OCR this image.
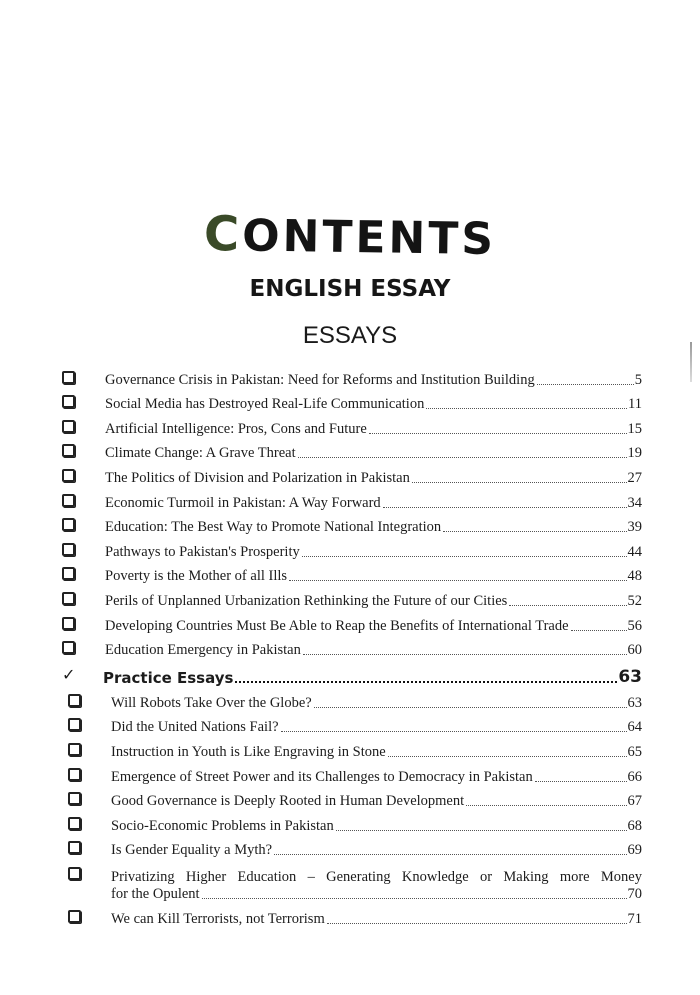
CONTENTS
ENGLISH ESSAY
ESSAYS
Governance Crisis in Pakistan: Need for Reforms and Institution Building	5
Social Media has Destroyed Real-Life Communication	11
Artificial Intelligence: Pros, Cons and Future	15
Climate Change: A Grave Threat	19
The Politics of Division and Polarization in Pakistan	27
Economic Turmoil in Pakistan: A Way Forward	34
Education: The Best Way to Promote National Integration	39
Pathways to Pakistan's Prosperity	44
Poverty is the Mother of all Ills	48
Perils of Unplanned Urbanization Rethinking the Future of our Cities	52
Developing Countries Must Be Able to Reap the Benefits of International Trade	56
Education Emergency in Pakistan	60
✓ Practice Essays	63
Will Robots Take Over the Globe?	63
Did the United Nations Fail?	64
Instruction in Youth is Like Engraving in Stone	65
Emergence of Street Power and its Challenges to Democracy in Pakistan	66
Good Governance is Deeply Rooted in Human Development	67
Socio-Economic Problems in Pakistan	68
Is Gender Equality a Myth?	69
Privatizing Higher Education – Generating Knowledge or Making more Money
for the Opulent	70
We can Kill Terrorists, not Terrorism	71
